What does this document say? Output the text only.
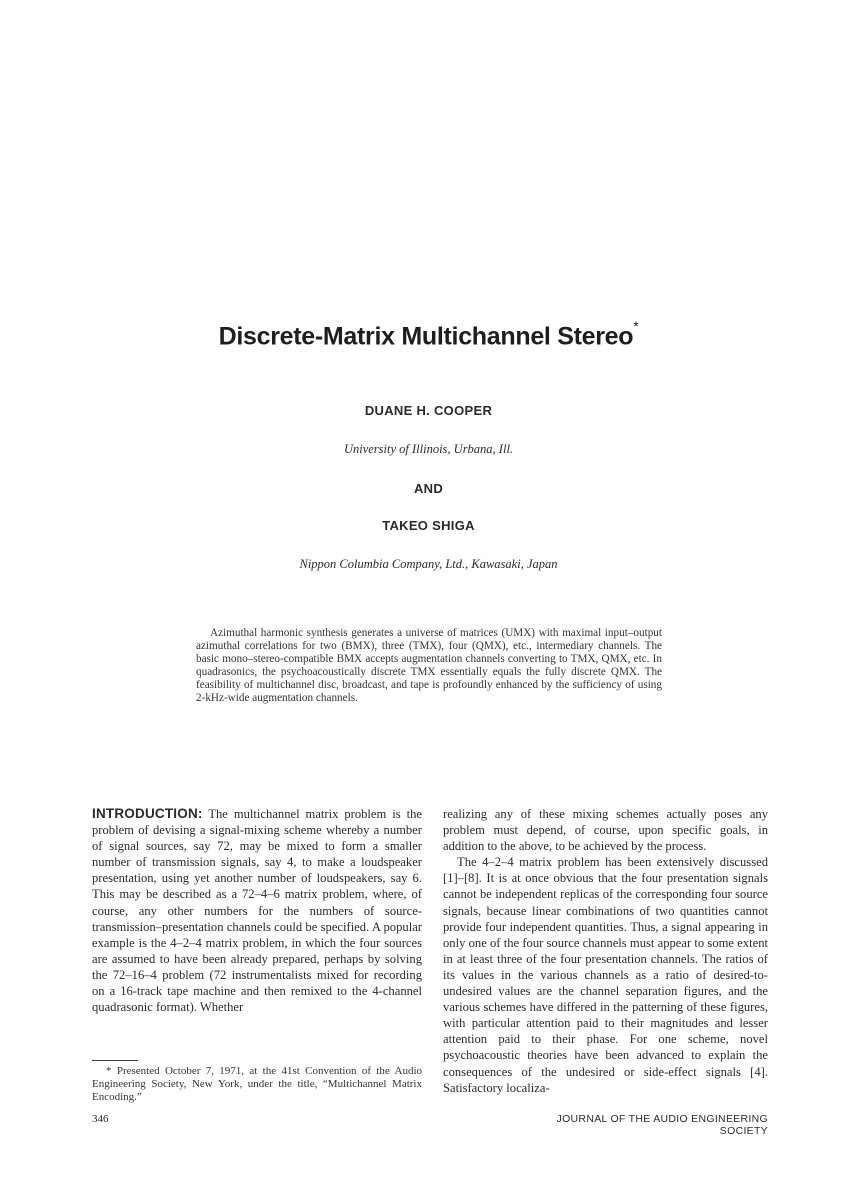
Discrete-Matrix Multichannel Stereo*
DUANE H. COOPER
University of Illinois, Urbana, Ill.
AND
TAKEO SHIGA
Nippon Columbia Company, Ltd., Kawasaki, Japan

Azimuthal harmonic synthesis generates a universe of matrices (UMX) with maximal input–output azimuthal correlations for two (BMX), three (TMX), four (QMX), etc., intermediary channels. The basic mono–stereo-compatible BMX accepts augmentation channels converting to TMX, QMX, etc. In quadrasonics, the psychoacoustically discrete TMX essentially equals the fully discrete QMX. The feasibility of multichannel disc, broadcast, and tape is profoundly enhanced by the sufficiency of using 2-kHz-wide augmentation channels.

INTRODUCTION: The multichannel matrix problem is the problem of devising a signal-mixing scheme whereby a number of signal sources, say 72, may be mixed to form a smaller number of transmission signals, say 4, to make a loudspeaker presentation, using yet another number of loudspeakers, say 6. This may be described as a 72–4–6 matrix problem, where, of course, any other numbers for the numbers of source-transmission–presentation channels could be specified. A popular example is the 4–2–4 matrix problem, in which the four sources are assumed to have been already prepared, perhaps by solving the 72–16–4 problem (72 instrumentalists mixed for recording on a 16-track tape machine and then remixed to the 4-channel quadrasonic format). Whether

realizing any of these mixing schemes actually poses any problem must depend, of course, upon specific goals, in addition to the above, to be achieved by the process.

The 4–2–4 matrix problem has been extensively discussed [1]–[8]. It is at once obvious that the four presentation signals cannot be independent replicas of the corresponding four source signals, because linear combinations of two quantities cannot provide four independent quantities. Thus, a signal appearing in only one of the four source channels must appear to some extent in at least three of the four presentation channels. The ratios of its values in the various channels as a ratio of desired-to-undesired values are the channel separation figures, and the various schemes have differed in the patterning of these figures, with particular attention paid to their magnitudes and lesser attention paid to their phase. For one scheme, novel psychoacoustic theories have been advanced to explain the consequences of the undesired or side-effect signals [4]. Satisfactory localiza-

* Presented October 7, 1971, at the 41st Convention of the Audio Engineering Society, New York, under the title, “Multichannel Matrix Encoding.”

346	JOURNAL OF THE AUDIO ENGINEERING SOCIETY
